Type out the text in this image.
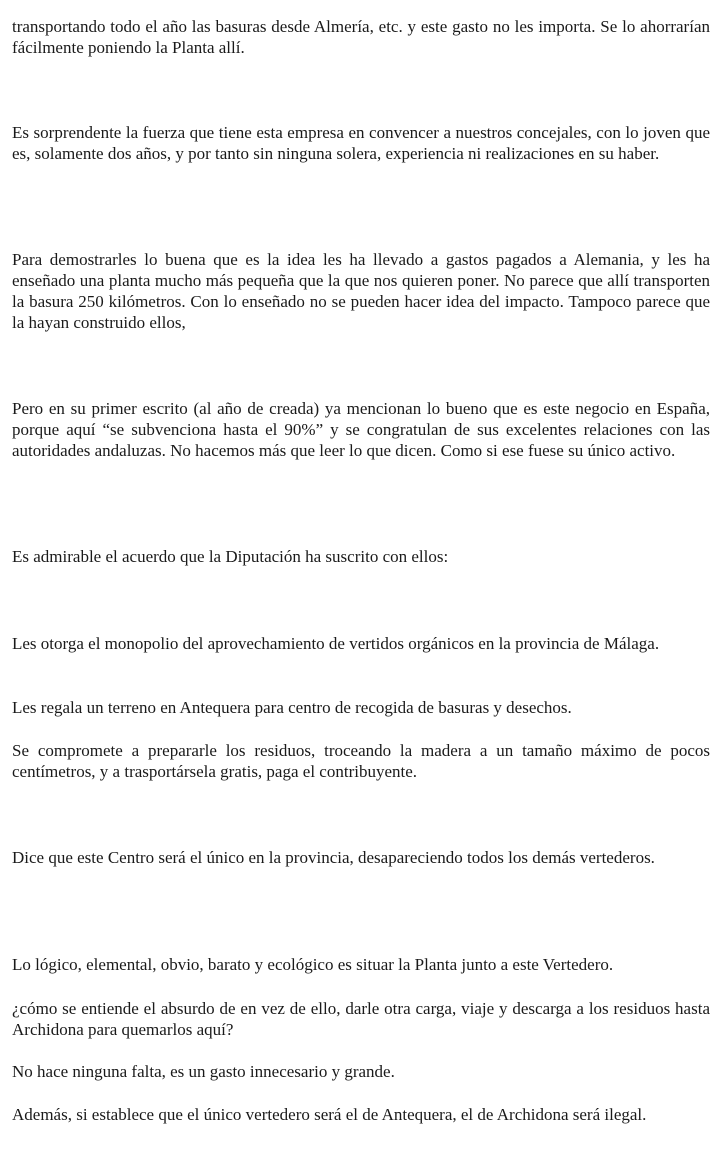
transportando todo el año las basuras desde Almería, etc. y este gasto no les importa. Se lo ahorrarían fácilmente poniendo la Planta allí.

Es sorprendente la fuerza que tiene esta empresa en convencer a nuestros concejales, con lo joven que es, solamente dos años, y por tanto sin ninguna solera, experiencia ni realizaciones en su haber.

Para demostrarles lo buena que es la idea les ha llevado a gastos pagados a Alemania, y les ha enseñado una planta mucho más pequeña que la que nos quieren poner. No parece que allí transporten la basura 250 kilómetros. Con lo enseñado no se pueden hacer idea del impacto. Tampoco parece que la hayan construido ellos,

Pero en su primer escrito (al año de creada) ya mencionan lo bueno que es este negocio en España, porque aquí “se subvenciona hasta el 90%” y se congratulan de sus excelentes relaciones con las autoridades andaluzas. No hacemos más que leer lo que dicen. Como si ese fuese su único activo.

Es admirable el acuerdo que la Diputación ha suscrito con ellos:

Les otorga el monopolio del aprovechamiento de vertidos orgánicos en la provincia de Málaga.

Les regala un terreno en Antequera para centro de recogida de basuras y desechos.

Se compromete a prepararle los residuos, troceando la madera a un tamaño máximo de pocos centímetros, y a trasportársela gratis, paga el contribuyente.

Dice que este Centro será el único en la provincia, desapareciendo todos los demás vertederos.

Lo lógico, elemental, obvio, barato y ecológico es situar la Planta junto a este Vertedero.

¿cómo se entiende el absurdo de en vez de ello, darle otra carga, viaje y descarga a los residuos hasta Archidona para quemarlos aquí?

No hace ninguna falta, es un gasto innecesario y grande.

Además, si establece que el único vertedero será el de Antequera, el de Archidona será ilegal.
